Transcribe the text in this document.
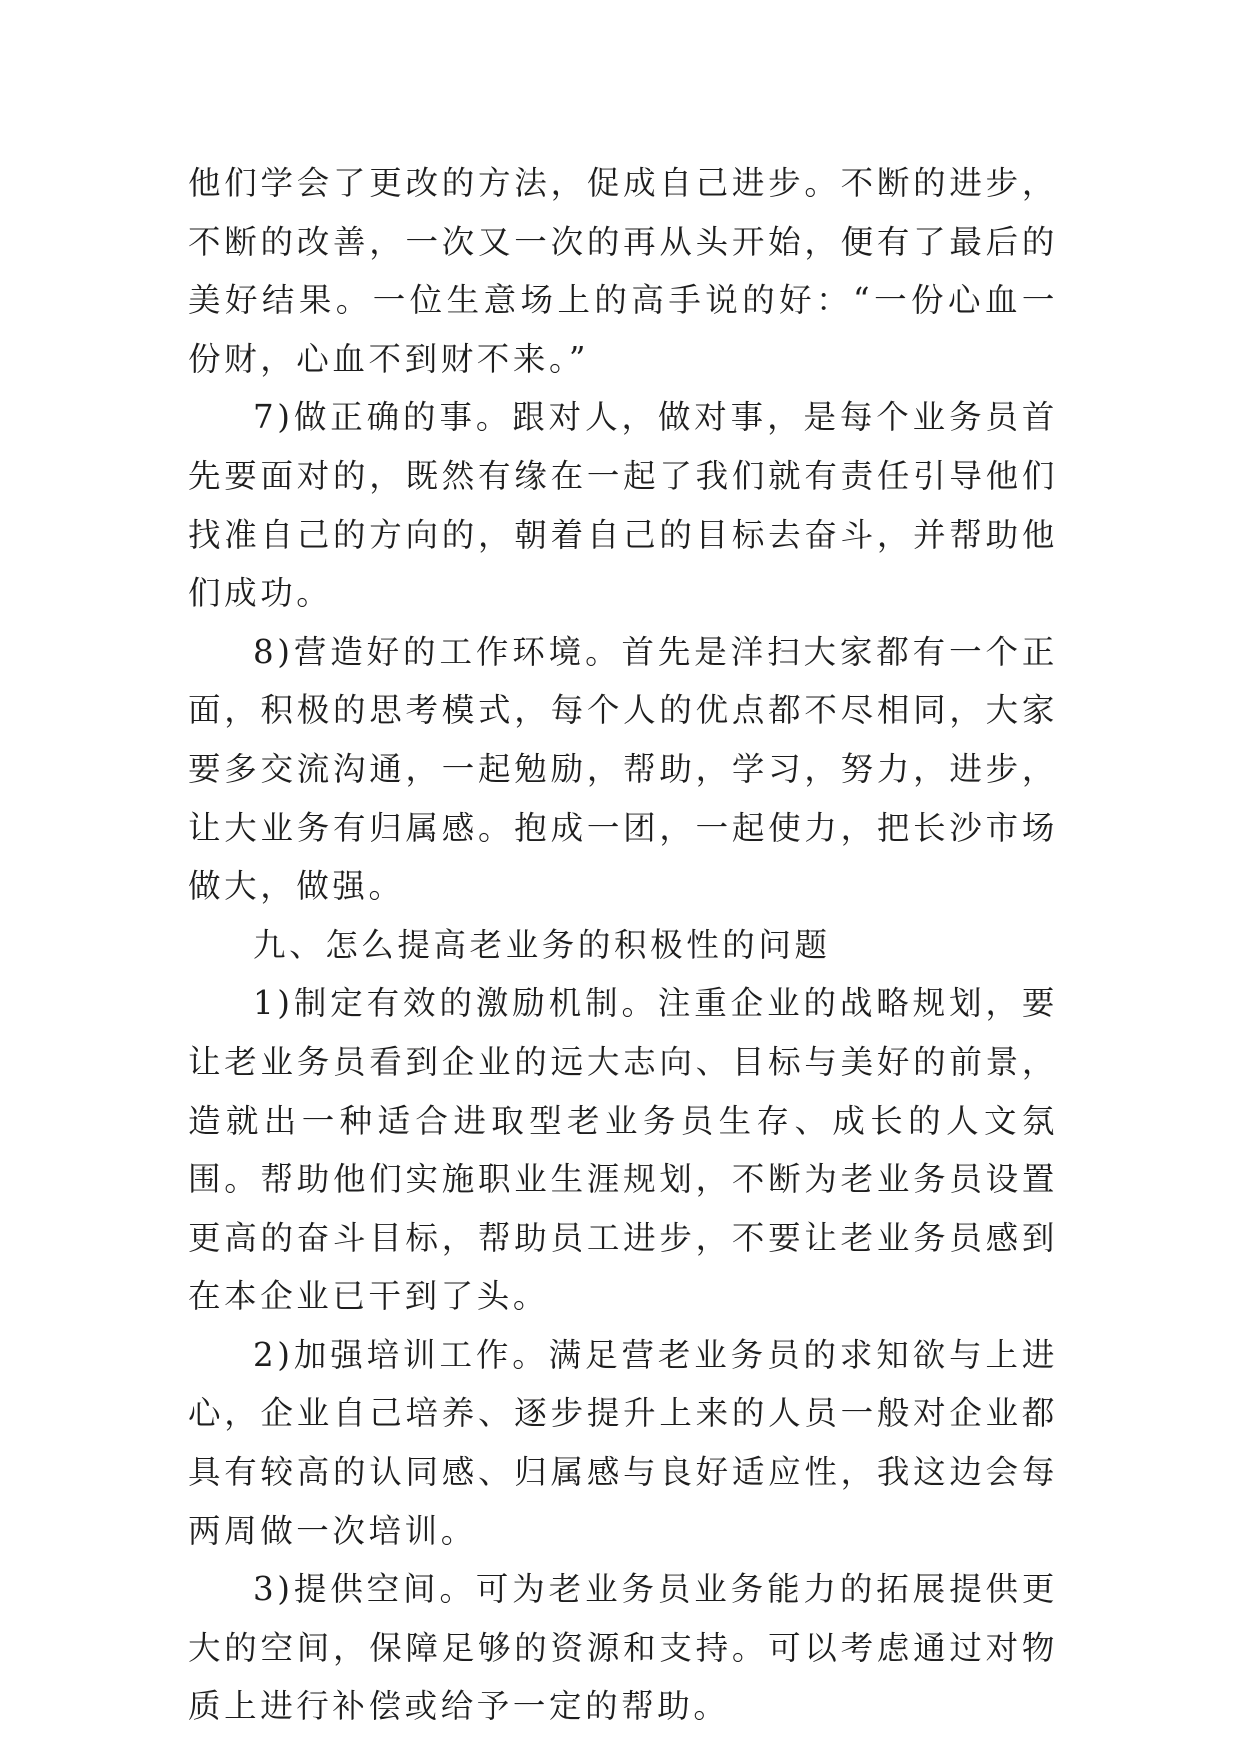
他们学会了更改的方法，促成自己进步。不断的进步，不断的改善，一次又一次的再从头开始，便有了最后的美好结果。一位生意场上的高手说的好：“一份心血一份财，心血不到财不来。”

7)做正确的事。跟对人，做对事，是每个业务员首先要面对的，既然有缘在一起了我们就有责任引导他们找准自己的方向的，朝着自己的目标去奋斗，并帮助他们成功。

8)营造好的工作环境。首先是洋扫大家都有一个正面，积极的思考模式，每个人的优点都不尽相同，大家要多交流沟通，一起勉励，帮助，学习，努力，进步，让大业务有归属感。抱成一团，一起使力，把长沙市场做大，做强。

九、怎么提高老业务的积极性的问题

1)制定有效的激励机制。注重企业的战略规划，要让老业务员看到企业的远大志向、目标与美好的前景，造就出一种适合进取型老业务员生存、成长的人文氛围。帮助他们实施职业生涯规划，不断为老业务员设置更高的奋斗目标，帮助员工进步，不要让老业务员感到在本企业已干到了头。

2)加强培训工作。满足营老业务员的求知欲与上进心，企业自己培养、逐步提升上来的人员一般对企业都具有较高的认同感、归属感与良好适应性，我这边会每两周做一次培训。

3)提供空间。可为老业务员业务能力的拓展提供更大的空间，保障足够的资源和支持。可以考虑通过对物质上进行补偿或给予一定的帮助。
